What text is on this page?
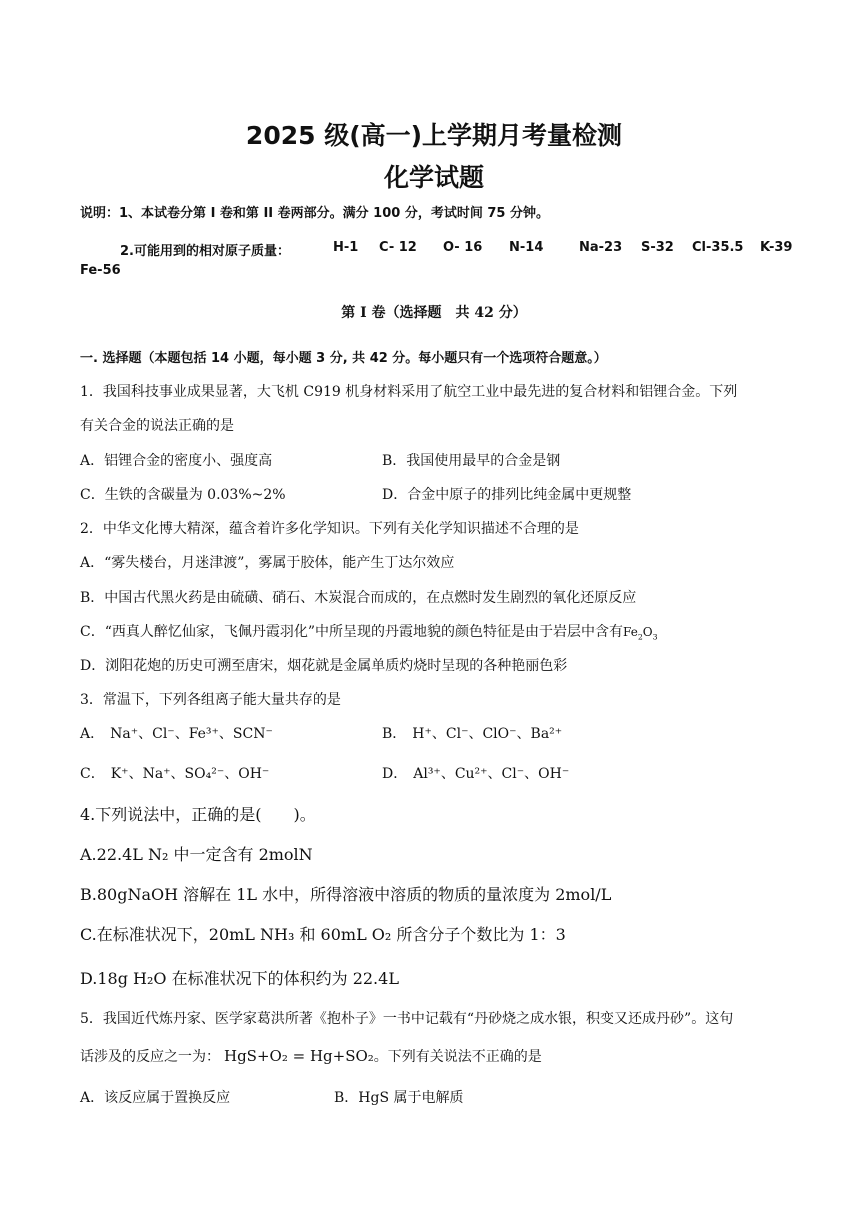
2025 级(高一)上学期月考量检测
化学试题
说明：1、本试卷分第 I 卷和第 II 卷两部分。满分 100 分，考试时间 75 分钟。
2.可能用到的相对原子质量：	H-1 C- 12 O- 16 N-14	Na-23 S-32 Cl-35.5 K-39
Fe-56
第 I 卷（选择题　共 42 分）
一. 选择题（本题包括 14 小题，每小题 3 分, 共 42 分。每小题只有一个选项符合题意。）
1．我国科技事业成果显著，大飞机 C919 机身材料采用了航空工业中最先进的复合材料和铝锂合金。下列
有关合金的说法正确的是
A．铝锂合金的密度小、强度高	B．我国使用最早的合金是钢
C．生铁的含碳量为 0.03%~2%	D．合金中原子的排列比纯金属中更规整
2．中华文化博大精深，蕴含着许多化学知识。下列有关化学知识描述不合理的是
A．“雾失楼台，月迷津渡”，雾属于胶体，能产生丁达尔效应
B．中国古代黑火药是由硫磺、硝石、木炭混合而成的，在点燃时发生剧烈的氧化还原反应
C．“西真人醉忆仙家，飞佩丹霞羽化”中所呈现的丹霞地貌的颜色特征是由于岩层中含有$Fe_2O_3$
D．浏阳花炮的历史可溯至唐宋，烟花就是金属单质灼烧时呈现的各种艳丽色彩
3．常温下，下列各组离子能大量共存的是
A． Na⁺、Cl⁻、Fe³⁺、SCN⁻	B． H⁺、Cl⁻、ClO⁻、Ba²⁺
C． K⁺、Na⁺、SO₄²⁻、OH⁻	D． Al³⁺、Cu²⁺、Cl⁻、OH⁻
4.下列说法中，正确的是(　　)。
A.22.4L N₂ 中一定含有 2molN
B.80gNaOH 溶解在 1L 水中，所得溶液中溶质的物质的量浓度为 2mol/L
C.在标准状况下，20mL NH₃ 和 60mL O₂ 所含分子个数比为 1：3
D.18g H₂O 在标准状况下的体积约为 22.4L
5．我国近代炼丹家、医学家葛洪所著《抱朴子》一书中记载有“丹砂烧之成水银，积变又还成丹砂”。这句
话涉及的反应之一为： HgS+O₂ = Hg+SO₂。下列有关说法不正确的是
A．该反应属于置换反应	B．HgS 属于电解质
